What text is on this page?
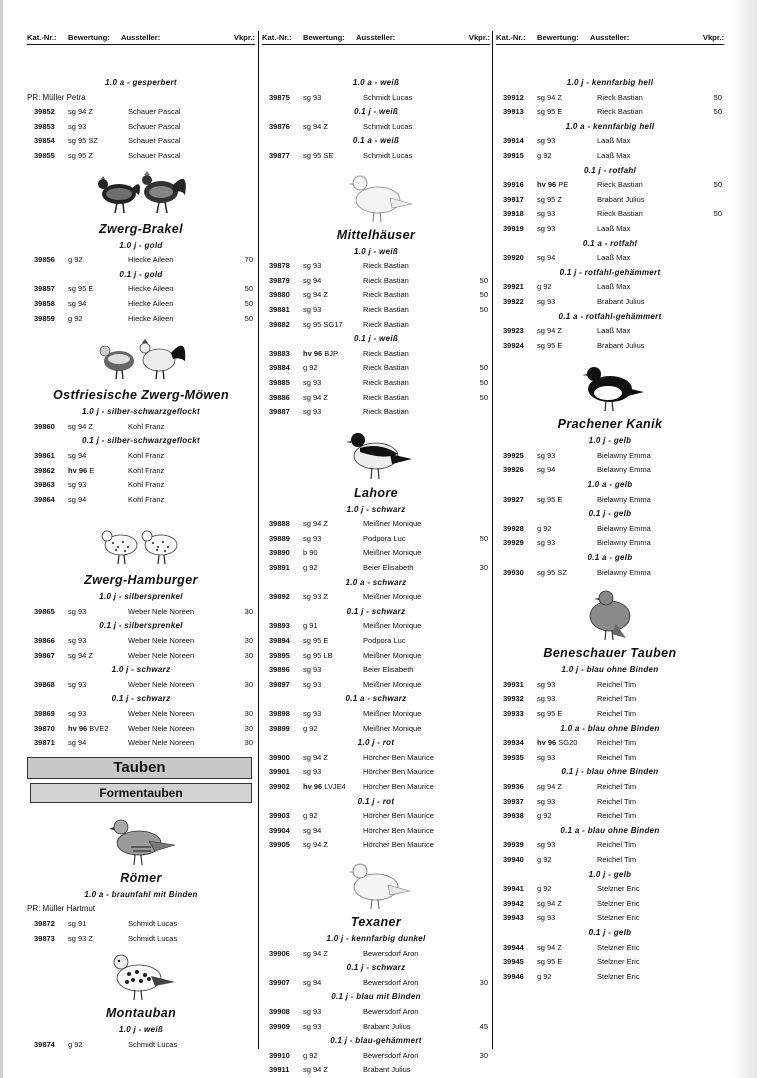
Kat.-Nr.: Bewertung: Aussteller:	Vkpr.: Kat.-Nr.: Bewertung: Aussteller:	Vkpr.: Kat.-Nr.: Bewertung: Aussteller:	Vkpr.:
1.0 a - gesperbert
PR: Müller Petra
39852 sg 94 Z	Schauer Pascal
39853 sg 93	Schauer Pascal
39854 sg 95 SZ	Schauer Pascal
39855 sg 95 Z	Schauer Pascal
Zwerg-Brakel
1.0 j - gold
39856 g 92	Hiecke Aileen	70
0.1 j - gold
39857 sg 95 E	Hiecke Aileen	50
39858 sg 94	Hiecke Aileen	50
39859 g 92	Hiecke Aileen	50
Ostfriesische Zwerg-Möwen
1.0 j - silber-schwarzgeflockt
39860 sg 94 Z	Kohl Franz
0.1 j - silber-schwarzgeflockt
39861 sg 94	Kohl Franz
39862 hv 96 E	Kohl Franz
39863 sg 93	Kohl Franz
39864 sg 94	Kohl Franz
Zwerg-Hamburger
1.0 j - silbersprenkel
39865 sg 93	Weber Nele Noreen	30
0.1 j - silbersprenkel
39866 sg 93	Weber Nele Noreen	30
39867 sg 94 Z	Weber Nele Noreen	30
1.0 j - schwarz
39868 sg 93	Weber Nele Noreen	30
0.1 j - schwarz
39869 sg 93	Weber Nele Noreen	30
39870 hv 96 BVE2	Weber Nele Noreen	30
39871 sg 94	Weber Nele Noreen	30
Tauben
Formentauben
Römer
1.0 a - braunfahl mit Binden
PR: Müller Hartmut
39872 sg 91	Schmidt Lucas
39873 sg 93 Z	Schmidt Lucas
Montauban
1.0 j - weiß
39874 g 92	Schmidt Lucas
1.0 a - weiß
39875 sg 93	Schmidt Lucas
0.1 j - weiß
39876 sg 94 Z	Schmidt Lucas
0.1 a - weiß
39877 sg 95 SE	Schmidt Lucas
Mittelhäuser
1.0 j - weiß
39878 sg 93	Rieck Bastian
39879 sg 94	Rieck Bastian	50
39880 sg 94 Z	Rieck Bastian	50
39881 sg 93	Rieck Bastian	50
39882 sg 95 SG17	Rieck Bastian
0.1 j - weiß
39883 hv 96 BJP	Rieck Bastian
39884 g 92	Rieck Bastian	50
39885 sg 93	Rieck Bastian	50
39886 sg 94 Z	Rieck Bastian	50
39887 sg 93	Rieck Bastian
Lahore
1.0 j - schwarz
39888 sg 94 Z	Meißner Monique
39889 sg 93	Podpora Luc	50
39890 b 90	Meißner Monique
39891 g 92	Beier Elisabeth	30
1.0 a - schwarz
39892 sg 93 Z	Meißner Monique
0.1 j - schwarz
39893 g 91	Meißner Monique
39894 sg 95 E	Podpora Luc
39895 sg 95 LB	Meißner Monique
39896 sg 93	Beier Elisabeth
39897 sg 93	Meißner Monique
0.1 a - schwarz
39898 sg 93	Meißner Monique
39899 g 92	Meißner Monique
1.0 j - rot
39900 sg 94 Z	Hörcher Ben Maurice
39901 sg 93	Hörcher Ben Maurice
39902 hv 96 LVJE4 Hörcher Ben Maurice
0.1 j - rot
39903 g 92	Hörcher Ben Maurice
39904 sg 94	Hörcher Ben Maurice
39905 sg 94 Z	Hörcher Ben Maurice
Texaner
1.0 j - kennfarbig dunkel
39906 sg 94 Z	Bewersdorf Aron
0.1 j - schwarz
39907 sg 94	Bewersdorf Aron	30
0.1 j - blau mit Binden
39908 sg 93	Bewersdorf Aron
39909 sg 93	Brabant Julius	45
0.1 j - blau-gehämmert
39910 g 92	Bewersdorf Aron	30
39911 sg 94 Z	Brabant Julius
1.0 j - kennfarbig hell
39912 sg 94 Z	Rieck Bastian	50
39913 sg 95 E	Rieck Bastian	50
1.0 a - kennfarbig hell
39914 sg 93	Laaß Max
39915 g 92	Laaß Max
0.1 j - rotfahl
39916 hv 96 PE	Rieck Bastian	50
39917 sg 95 Z	Brabant Julius
39918 sg 93	Rieck Bastian	50
39919 sg 93	Laaß Max
0.1 a - rotfahl
39920 sg 94	Laaß Max
0.1 j - rotfahl-gehämmert
39921 g 92	Laaß Max
39922 sg 93	Brabant Julius
0.1 a - rotfahl-gehämmert
39923 sg 94 Z	Laaß Max
39924 sg 95 E	Brabant Julius
Prachener Kanik
1.0 j - gelb
39925 sg 93	Bielawny Emma
39926 sg 94	Bielawny Emma
1.0 a - gelb
39927 sg 95 E	Bielawny Emma
0.1 j - gelb
39928 g 92	Bielawny Emma
39929 sg 93	Bielawny Emma
0.1 a - gelb
39930 sg 95 SZ	Bielawny Emma
Beneschauer Tauben
1.0 j - blau ohne Binden
39931 sg 93	Reichel Tim
39932 sg 93	Reichel Tim
39933 sg 95 E	Reichel Tim
1.0 a - blau ohne Binden
39934 hv 96 SG20	Reichel Tim
39935 sg 93	Reichel Tim
0.1 j - blau ohne Binden
39936 sg 94 Z	Reichel Tim
39937 sg 93	Reichel Tim
39938 g 92	Reichel Tim
0.1 a - blau ohne Binden
39939 sg 93	Reichel Tim
39940 g 92	Reichel Tim
1.0 j - gelb
39941 g 92	Stelzner Eric
39942 sg 94 Z	Stelzner Eric
39943 sg 93	Stelzner Eric
0.1 j - gelb
39944 sg 94 Z	Stelzner Eric
39945 sg 95 E	Stelzner Eric
39946 g 92	Stelzner Eric
